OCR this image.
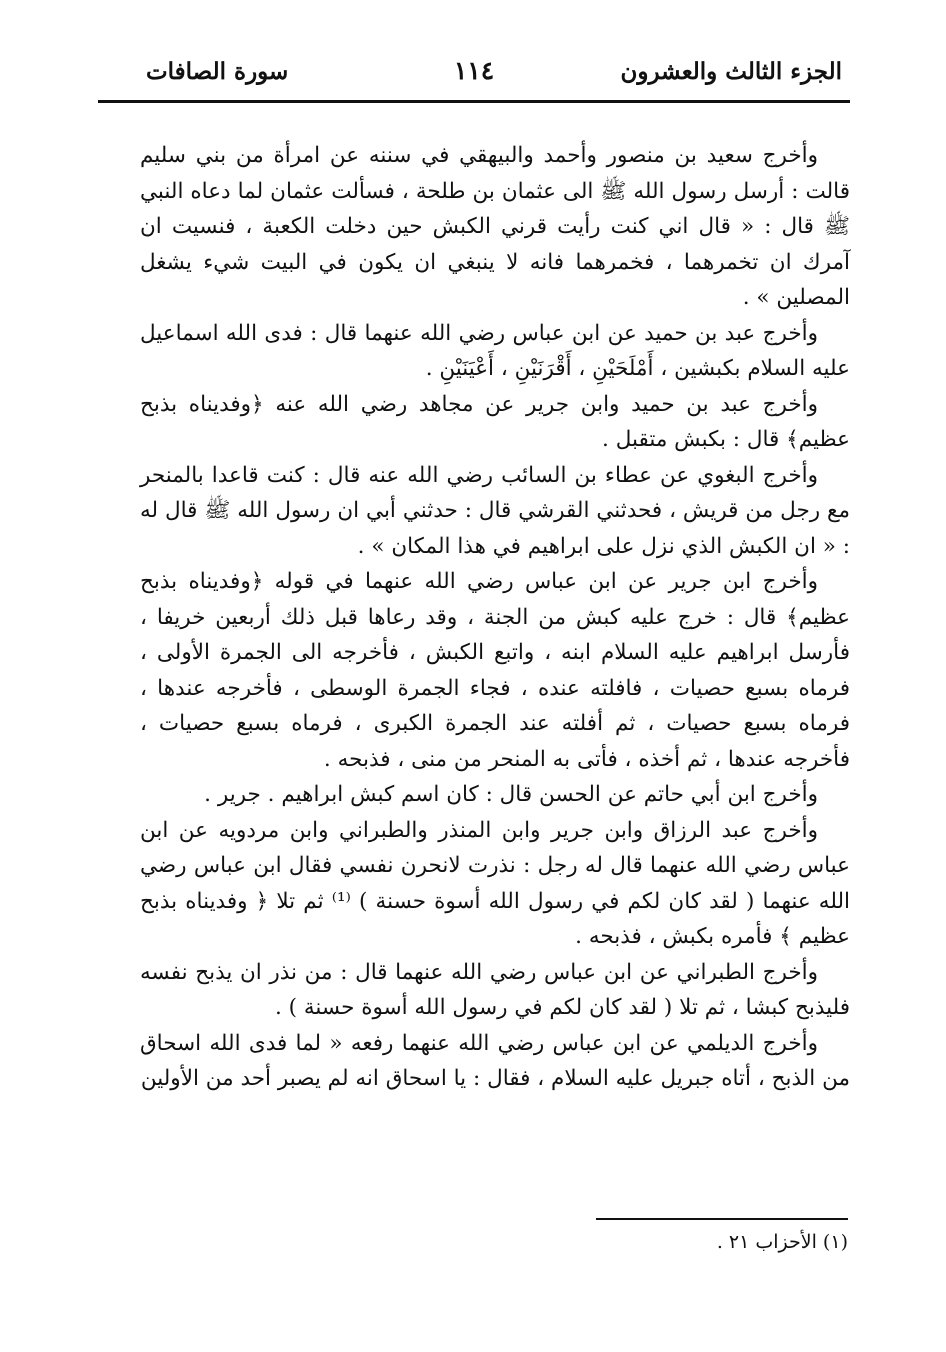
الجزء الثالث والعشرون
١١٤
سورة الصافات

وأخرج سعيد بن منصور وأحمد والبيهقي في سننه عن امرأة من بني سليم قالت : أرسل رسول الله ﷺ الى عثمان بن طلحة ، فسألت عثمان لما دعاه النبي ﷺ قال : « قال اني كنت رأيت قرني الكبش حين دخلت الكعبة ، فنسيت ان آمرك ان تخمرهما ، فخمرهما فانه لا ينبغي ان يكون في البيت شيء يشغل المصلين » .

وأخرج عبد بن حميد عن ابن عباس رضي الله عنهما قال : فدى الله اسماعيل عليه السلام بكبشين ، أَمْلَحَيْنِ ، أَقْرَنَيْنِ ، أَعْيَنَيْنِ .

وأخرج عبد بن حميد وابن جرير عن مجاهد رضي الله عنه ﴿وفديناه بذبح عظيم﴾ قال : بكبش متقبل .

وأخرج البغوي عن عطاء بن السائب رضي الله عنه قال : كنت قاعدا بالمنحر مع رجل من قريش ، فحدثني القرشي قال : حدثني أبي ان رسول الله ﷺ قال له : « ان الكبش الذي نزل على ابراهيم في هذا المكان » .

وأخرج ابن جرير عن ابن عباس رضي الله عنهما في قوله ﴿وفديناه بذبح عظيم﴾ قال : خرج عليه كبش من الجنة ، وقد رعاها قبل ذلك أربعين خريفا ، فأرسل ابراهيم عليه السلام ابنه ، واتبع الكبش ، فأخرجه الى الجمرة الأولى ، فرماه بسبع حصيات ، فافلته عنده ، فجاء الجمرة الوسطى ، فأخرجه عندها ، فرماه بسبع حصيات ، ثم أفلته عند الجمرة الكبرى ، فرماه بسبع حصيات ، فأخرجه عندها ، ثم أخذه ، فأتى به المنحر من منى ، فذبحه .

وأخرج ابن أبي حاتم عن الحسن قال : كان اسم كبش ابراهيم . جرير .

وأخرج عبد الرزاق وابن جرير وابن المنذر والطبراني وابن مردويه عن ابن عباس رضي الله عنهما قال له رجل : نذرت لانحرن نفسي فقال ابن عباس رضي الله عنهما ( لقد كان لكم في رسول الله أسوة حسنة ) ⁽¹⁾ ثم تلا ﴿ وفديناه بذبح عظيم ﴾ فأمره بكبش ، فذبحه .

وأخرج الطبراني عن ابن عباس رضي الله عنهما قال : من نذر ان يذبح نفسه فليذبح كبشا ، ثم تلا ( لقد كان لكم في رسول الله أسوة حسنة ) .

وأخرج الديلمي عن ابن عباس رضي الله عنهما رفعه « لما فدى الله اسحاق من الذبح ، أتاه جبريل عليه السلام ، فقال : يا اسحاق انه لم يصبر أحد من الأولين

(١) الأحزاب ٢١ .
